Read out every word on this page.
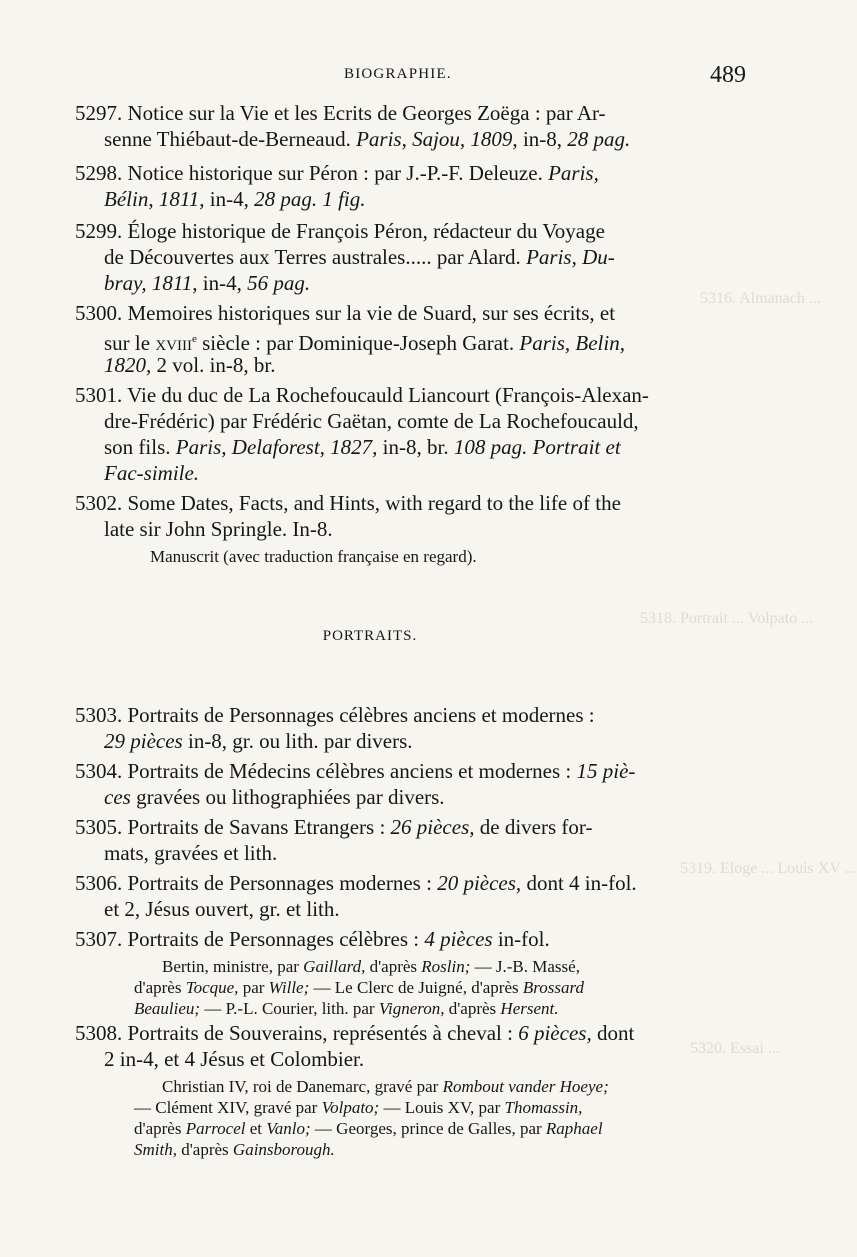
5316. Almanach ...
5318. Portrait ... Volpato ...
5319. Eloge ... Louis XV ...
5320. Essai ...
BIOGRAPHIE.	489
5297. Notice sur la Vie et les Ecrits de Georges Zoëga : par Ar-
senne Thiébaut-de-Berneaud. Paris, Sajou, 1809, in-8, 28 pag.
5298. Notice historique sur Péron : par J.-P.-F. Deleuze. Paris,
Bélin, 1811, in-4, 28 pag. 1 fig.
5299. Éloge historique de François Péron, rédacteur du Voyage
de Découvertes aux Terres australes..... par Alard. Paris, Du-
bray, 1811, in-4, 56 pag.
5300. Memoires historiques sur la vie de Suard, sur ses écrits, et
sur le XVIIIe siècle : par Dominique-Joseph Garat. Paris, Belin,
1820, 2 vol. in-8, br.
5301. Vie du duc de La Rochefoucauld Liancourt (François-Alexan-
dre-Frédéric) par Frédéric Gaëtan, comte de La Rochefoucauld,
son fils. Paris, Delaforest, 1827, in-8, br. 108 pag. Portrait et
Fac-simile.
5302. Some Dates, Facts, and Hints, with regard to the life of the
late sir John Springle. In-8.
Manuscrit (avec traduction française en regard).
PORTRAITS.
5303. Portraits de Personnages célèbres anciens et modernes :
29 pièces in-8, gr. ou lith. par divers.
5304. Portraits de Médecins célèbres anciens et modernes : 15 piè-
ces gravées ou lithographiées par divers.
5305. Portraits de Savans Etrangers : 26 pièces, de divers for-
mats, gravées et lith.
5306. Portraits de Personnages modernes : 20 pièces, dont 4 in-fol.
et 2, Jésus ouvert, gr. et lith.
5307. Portraits de Personnages célèbres : 4 pièces in-fol.
Bertin, ministre, par Gaillard, d'après Roslin; — J.-B. Massé,
d'après Tocque, par Wille; — Le Clerc de Juigné, d'après Brossard
Beaulieu; — P.-L. Courier, lith. par Vigneron, d'après Hersent.
5308. Portraits de Souverains, représentés à cheval : 6 pièces, dont
2 in-4, et 4 Jésus et Colombier.
Christian IV, roi de Danemarc, gravé par Rombout vander Hoeye;
— Clément XIV, gravé par Volpato; — Louis XV, par Thomassin,
d'après Parrocel et Vanlo; — Georges, prince de Galles, par Raphael
Smith, d'après Gainsborough.
